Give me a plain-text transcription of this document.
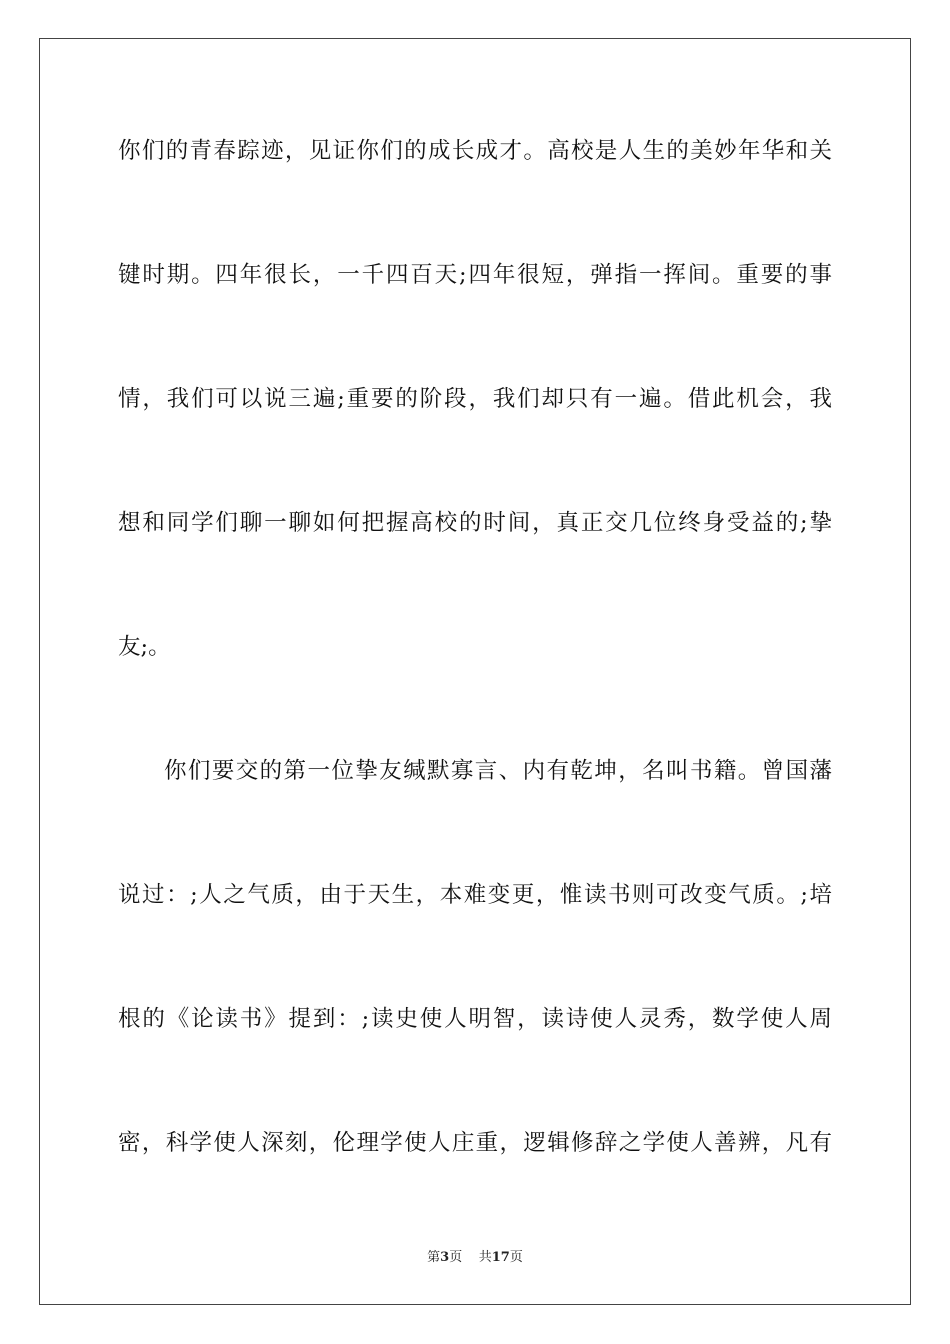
你们的青春踪迹，见证你们的成长成才。高校是人生的美妙年华和关
键时期。四年很长，一千四百天;四年很短，弹指一挥间。重要的事
情，我们可以说三遍;重要的阶段，我们却只有一遍。借此机会，我
想和同学们聊一聊如何把握高校的时间，真正交几位终身受益的;挚
友;。
你们要交的第一位挚友缄默寡言、内有乾坤，名叫书籍。曾国藩
说过：;人之气质，由于天生，本难变更，惟读书则可改变气质。;培
根的《论读书》提到：;读史使人明智，读诗使人灵秀，数学使人周
密，科学使人深刻，伦理学使人庄重，逻辑修辞之学使人善辨，凡有
第3页 共17页
